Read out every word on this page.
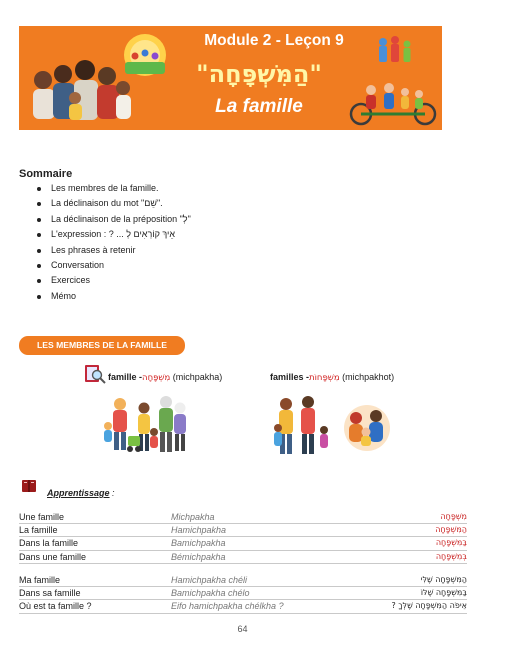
Module 2 - Leçon 9
"הַמִּשְׁפָּחָה"
La famille
Sommaire
Les membres de la famille.
La déclinaison du mot "שֵׁם".
La déclinaison de la préposition "לְ"
L'expression : ? ... אֵיךְ קוֹרְאִים לְ
Les phrases à retenir
Conversation
Exercices
Mémo
LES MEMBRES DE LA FAMILLE
famille -מִשְׁפָּחָה (michpakha)	familles -מִשְׁפָּחוֹת (michpakhot)
Apprentissage :
Une famille	Michpakha	מִשְׁפָּחָה
La famille	Hamichpakha	הַמִּשְׁפָּחָה
Dans la famille	Bamichpakha	בַּמִּשְׁפָּחָה
Dans une famille	Bémichpakha	בְּמִשְׁפָּחָה
Ma famille	Hamichpakha chéli	הַמִּשְׁפָּחָה שֶׁלִּי
Dans sa famille	Bamichpakha chélo	בַּמִּשְׁפָּחָה שֶׁלּוֹ
Où est ta famille ?	Eifo hamichpakha chélkha ?	אֵיפֹה הַמִּשְׁפָּחָה שֶׁלְּךָ ?
64
